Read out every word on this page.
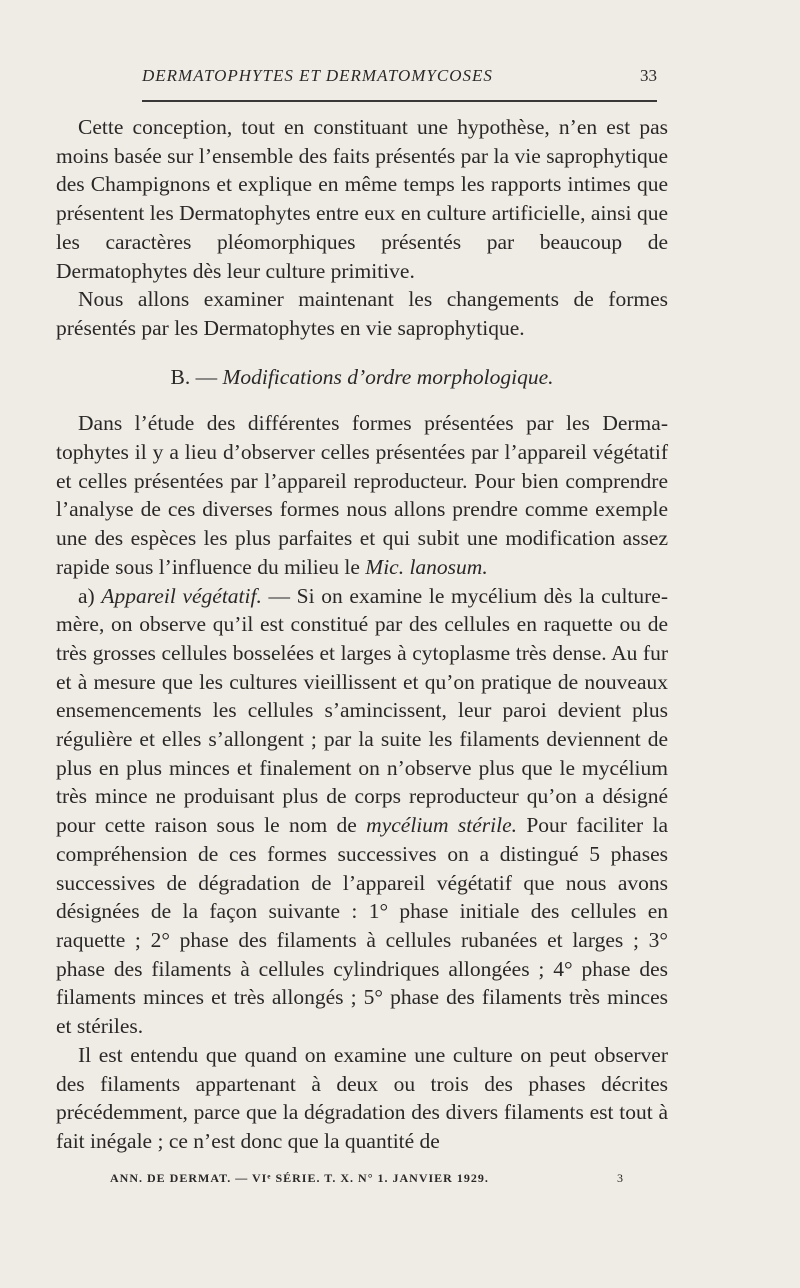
DERMATOPHYTES ET DERMATOMYCOSES	33

Cette conception, tout en constituant une hypothèse, n’en est pas moins basée sur l’ensemble des faits présentés par la vie saprophytique des Champignons et explique en même temps les rapports intimes que présentent les Dermatophytes entre eux en culture artificielle, ainsi que les caractères pléomorphiques présentés par beaucoup de Dermatophytes dès leur culture primitive.

Nous allons examiner maintenant les changements de formes présentés par les Dermatophytes en vie saprophytique.

B. — Modifications d’ordre morphologique.

Dans l’étude des différentes formes présentées par les Dermatophytes il y a lieu d’observer celles présentées par l’appareil végétatif et celles présentées par l’appareil reproducteur. Pour bien comprendre l’analyse de ces diverses formes nous allons prendre comme exemple une des espèces les plus parfaites et qui subit une modification assez rapide sous l’influence du milieu le Mic. lanosum.

a) Appareil végétatif. — Si on examine le mycélium dès la culture-mère, on observe qu’il est constitué par des cellules en raquette ou de très grosses cellules bosselées et larges à cytoplasme très dense. Au fur et à mesure que les cultures vieillissent et qu’on pratique de nouveaux ensemencements les cellules s’amincissent, leur paroi devient plus régulière et elles s’allongent ; par la suite les filaments deviennent de plus en plus minces et finalement on n’observe plus que le mycélium très mince ne produisant plus de corps reproducteur qu’on a désigné pour cette raison sous le nom de mycélium stérile. Pour faciliter la compréhension de ces formes successives on a distingué 5 phases successives de dégradation de l’appareil végétatif que nous avons désignées de la façon suivante : 1° phase initiale des cellules en raquette ; 2° phase des filaments à cellules rubanées et larges ; 3° phase des filaments à cellules cylindriques allongées ; 4° phase des filaments minces et très allongés ; 5° phase des filaments très minces et stériles.

Il est entendu que quand on examine une culture on peut observer des filaments appartenant à deux ou trois des phases décrites précédemment, parce que la dégradation des divers filaments est tout à fait inégale ; ce n’est donc que la quantité de

ANN. DE DERMAT. — VIᵉ SÉRIE. T. X. N° 1. JANVIER 1929.	3
